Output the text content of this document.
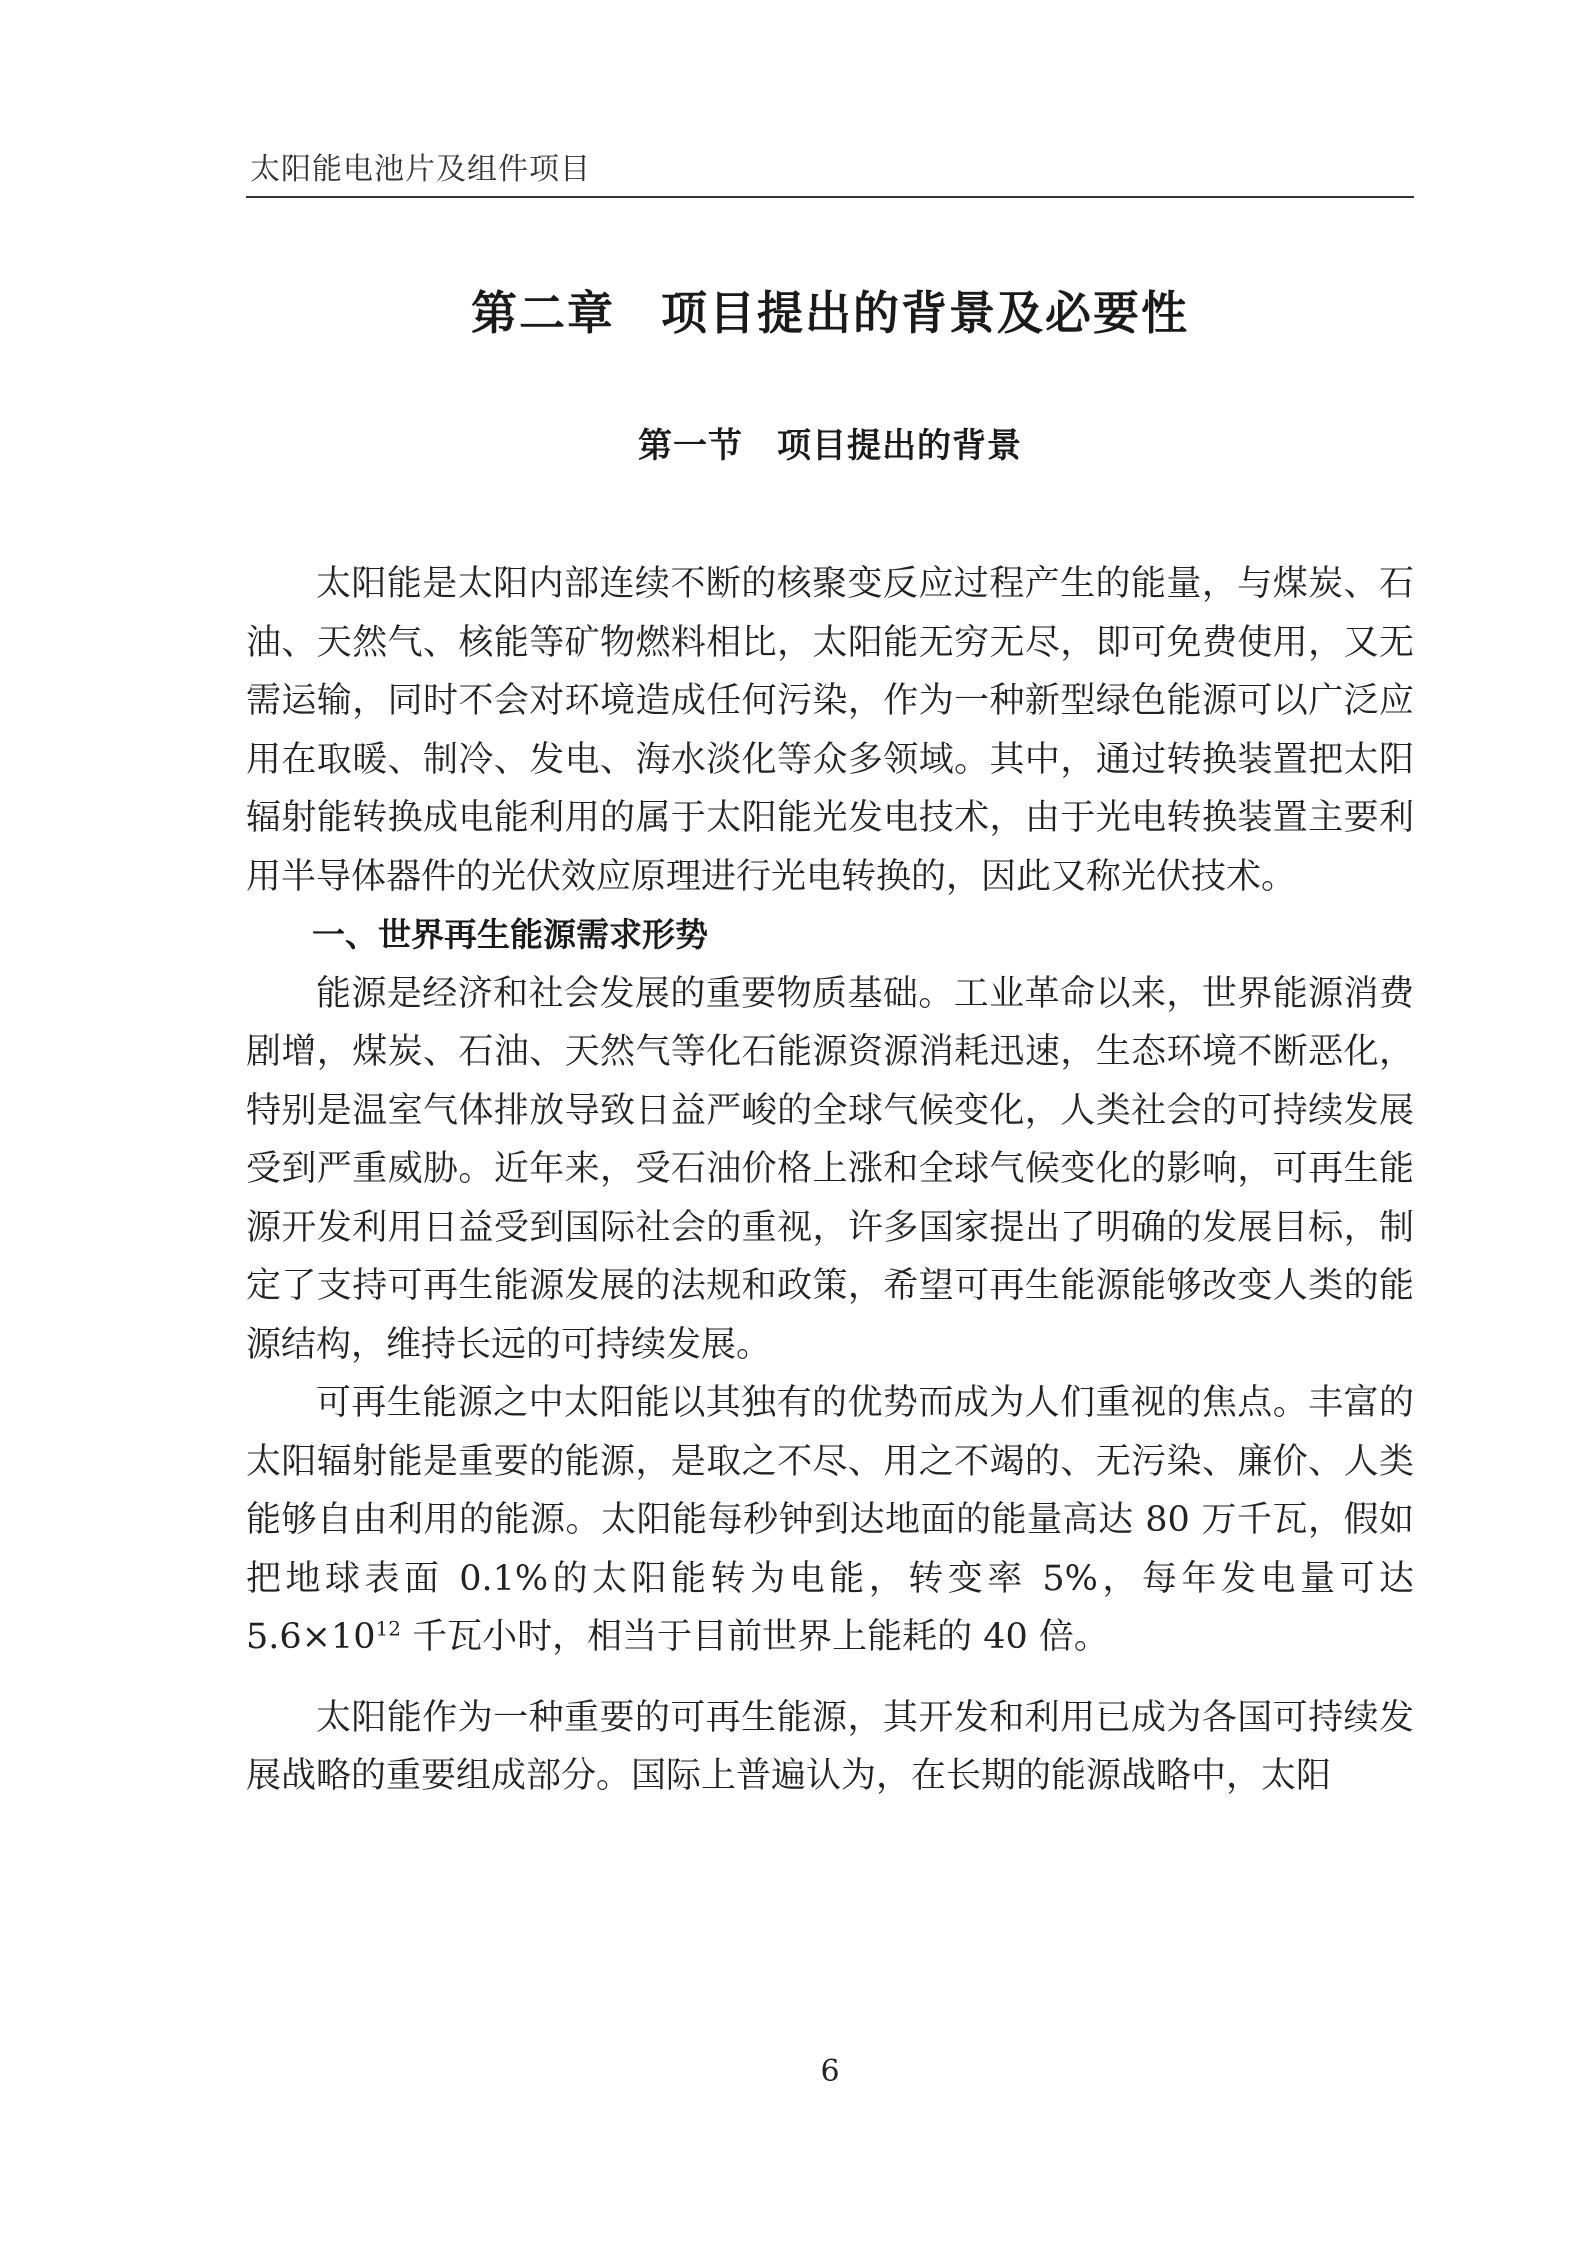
太阳能电池片及组件项目
第二章 项目提出的背景及必要性
第一节 项目提出的背景

太阳能是太阳内部连续不断的核聚变反应过程产生的能量，与煤炭、石油、天然气、核能等矿物燃料相比，太阳能无穷无尽，即可免费使用，又无需运输，同时不会对环境造成任何污染，作为一种新型绿色能源可以广泛应用在取暖、制冷、发电、海水淡化等众多领域。其中，通过转换装置把太阳辐射能转换成电能利用的属于太阳能光发电技术，由于光电转换装置主要利用半导体器件的光伏效应原理进行光电转换的，因此又称光伏技术。

一、世界再生能源需求形势

能源是经济和社会发展的重要物质基础。工业革命以来，世界能源消费剧增，煤炭、石油、天然气等化石能源资源消耗迅速，生态环境不断恶化，特别是温室气体排放导致日益严峻的全球气候变化，人类社会的可持续发展受到严重威胁。近年来，受石油价格上涨和全球气候变化的影响，可再生能源开发利用日益受到国际社会的重视，许多国家提出了明确的发展目标，制定了支持可再生能源发展的法规和政策，希望可再生能源能够改变人类的能源结构，维持长远的可持续发展。

可再生能源之中太阳能以其独有的优势而成为人们重视的焦点。丰富的太阳辐射能是重要的能源，是取之不尽、用之不竭的、无污染、廉价、人类能够自由利用的能源。太阳能每秒钟到达地面的能量高达 80 万千瓦，假如把地球表面 0.1%的太阳能转为电能，转变率 5%，每年发电量可达 $5.6\times 10^{12}$ 千瓦小时，相当于目前世界上能耗的 40 倍。

太阳能作为一种重要的可再生能源，其开发和利用已成为各国可持续发展战略的重要组成部分。国际上普遍认为，在长期的能源战略中，太阳

6
